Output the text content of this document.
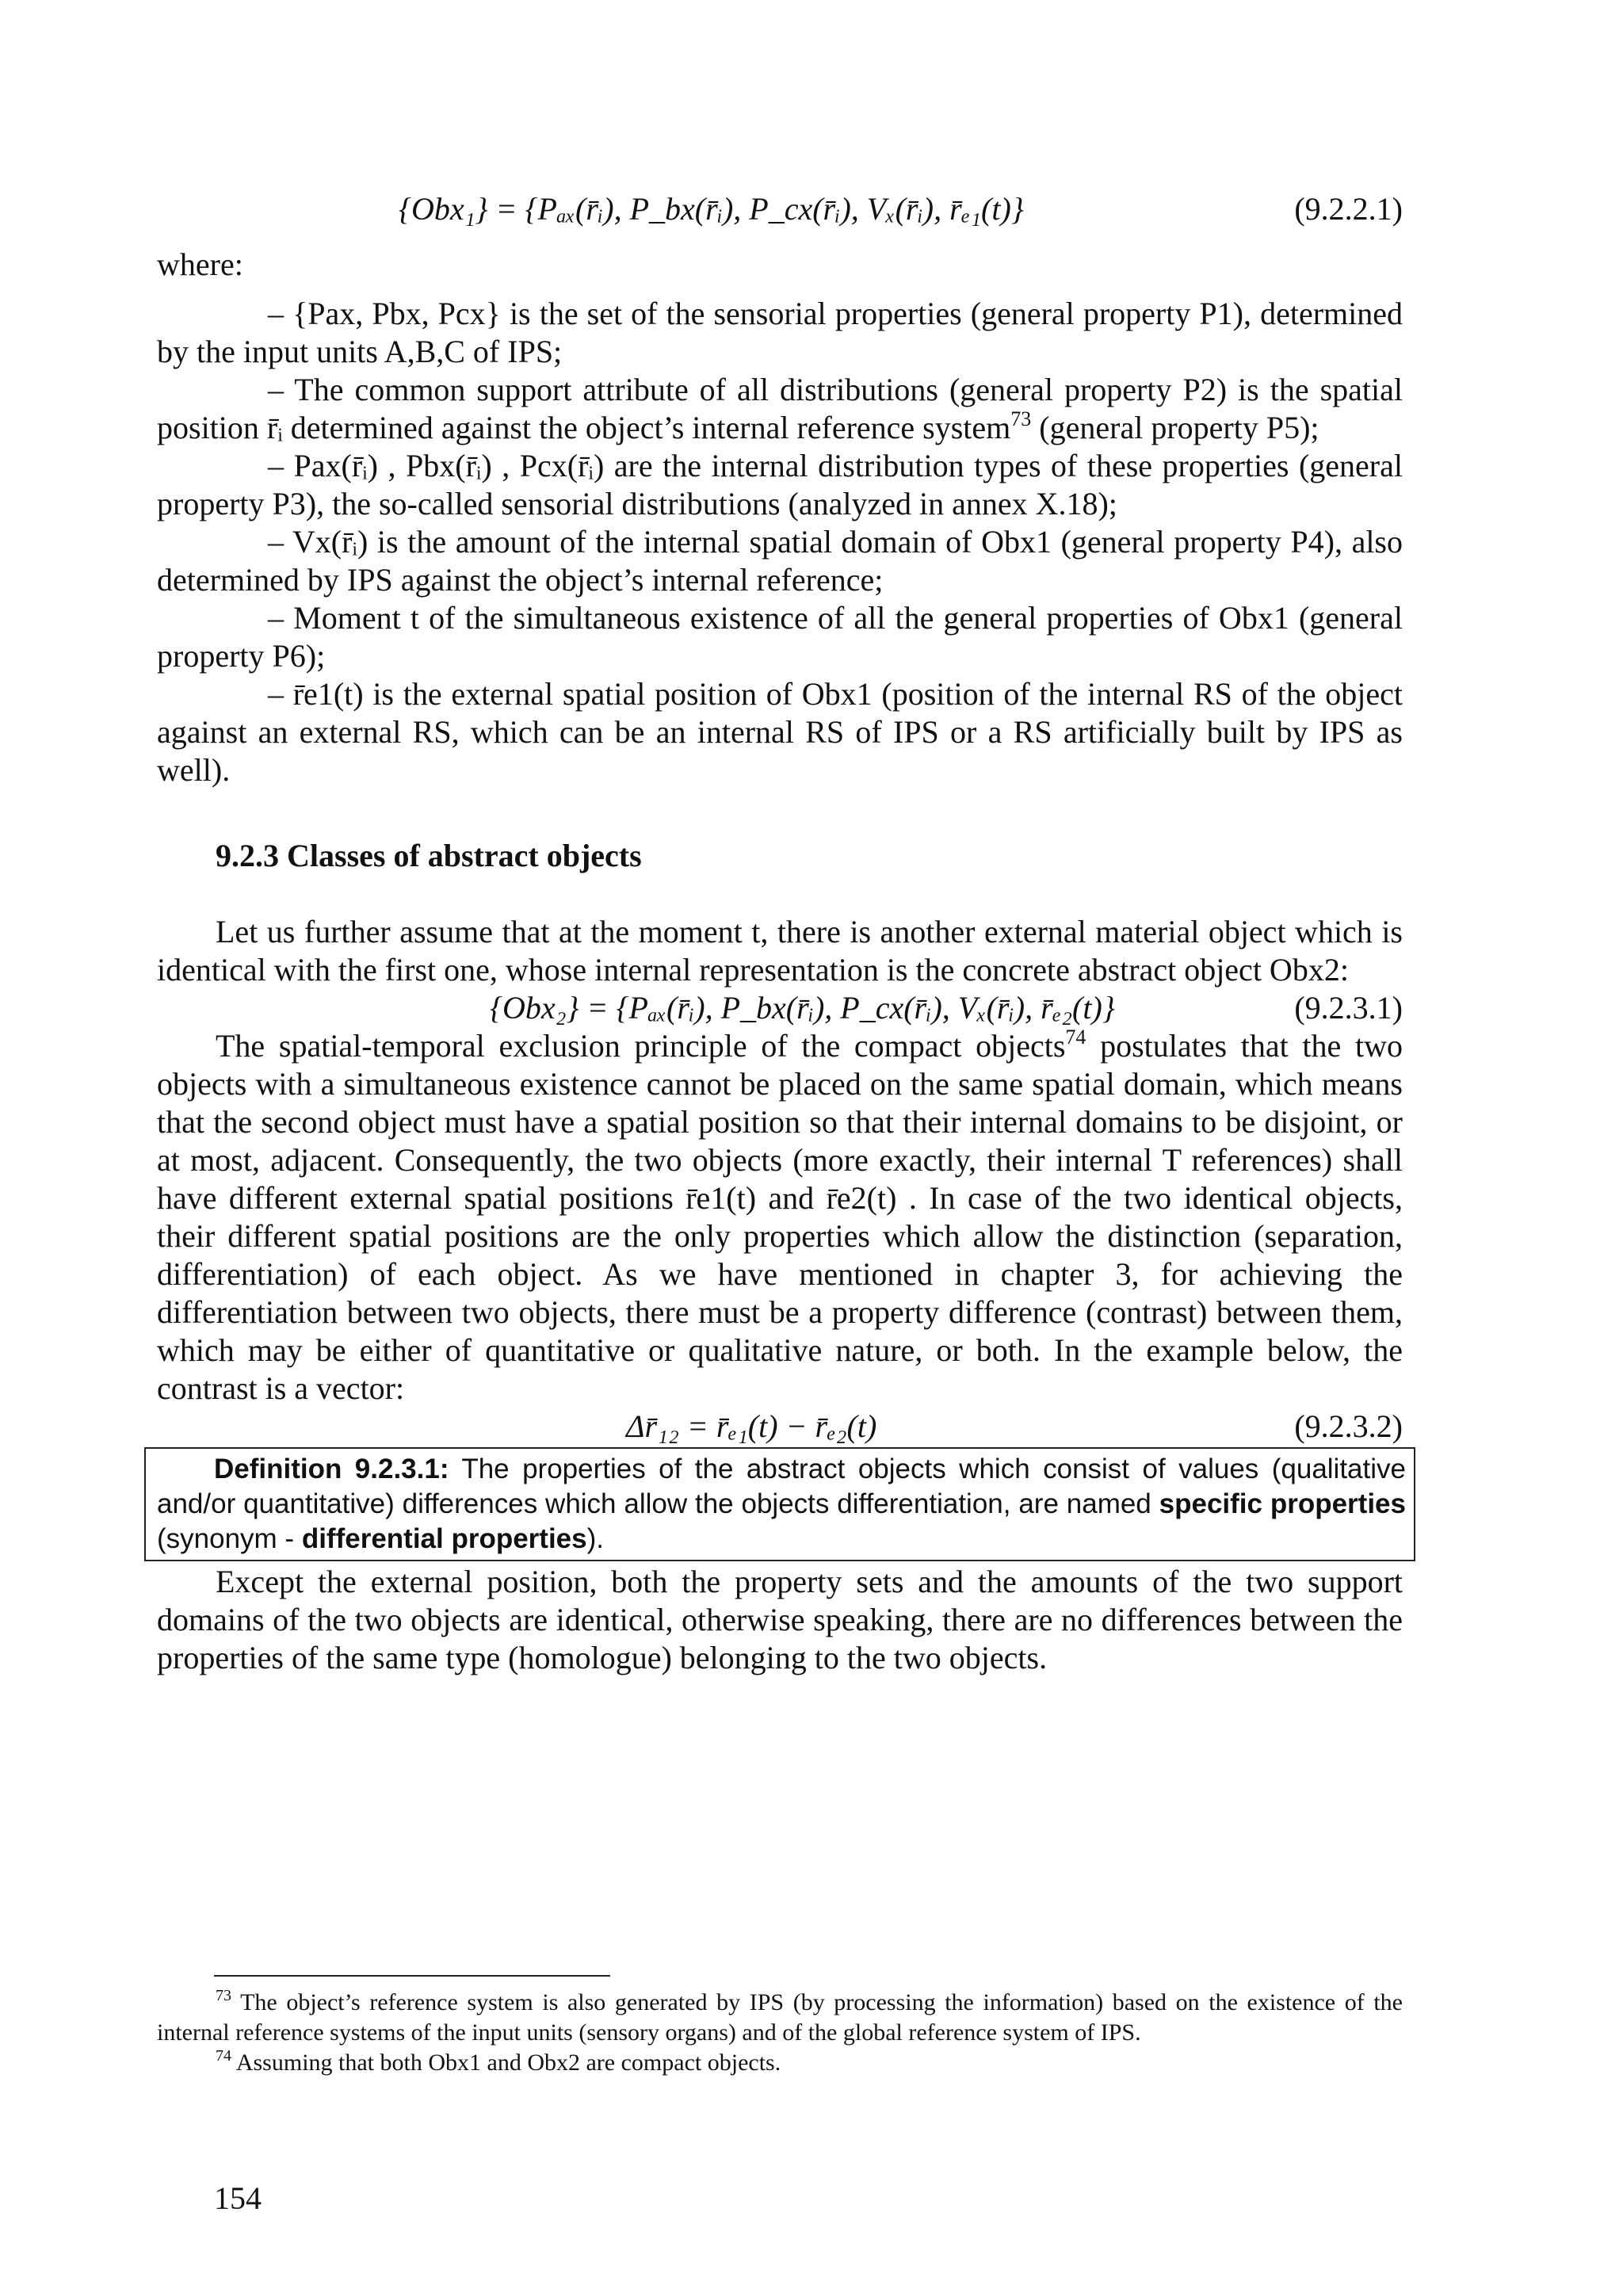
{Obx₁} = {Pₐₓ(r̄ᵢ), P_bx(r̄ᵢ), P_cx(r̄ᵢ), Vₓ(r̄ᵢ), r̄ₑ₁(t)}	(9.2.2.1)

where:

– {Pax, Pbx, Pcx} is the set of the sensorial properties (general property P1), determined by the input units A,B,C of IPS;

– The common support attribute of all distributions (general property P2) is the spatial position r̄ᵢ determined against the object’s internal reference system$^{73}$ (general property P5);

– Pax(r̄ᵢ) , Pbx(r̄ᵢ) , Pcx(r̄ᵢ) are the internal distribution types of these properties (general property P3), the so-called sensorial distributions (analyzed in annex X.18);

– Vx(r̄ᵢ) is the amount of the internal spatial domain of Obx1 (general property P4), also determined by IPS against the object’s internal reference;

– Moment t of the simultaneous existence of all the general properties of Obx1 (general property P6);

– r̄e1(t) is the external spatial position of Obx1 (position of the internal RS of the object against an external RS, which can be an internal RS of IPS or a RS artificially built by IPS as well).

9.2.3 Classes of abstract objects

Let us further assume that at the moment t, there is another external material object which is identical with the first one, whose internal representation is the concrete abstract object Obx2:

{Obx₂} = {Pₐₓ(r̄ᵢ), P_bx(r̄ᵢ), P_cx(r̄ᵢ), Vₓ(r̄ᵢ), r̄ₑ₂(t)}	(9.2.3.1)

The spatial-temporal exclusion principle of the compact objects$^{74}$ postulates that the two objects with a simultaneous existence cannot be placed on the same spatial domain, which means that the second object must have a spatial position so that their internal domains to be disjoint, or at most, adjacent. Consequently, the two objects (more exactly, their internal T references) shall have different external spatial positions r̄e1(t) and r̄e2(t) . In case of the two identical objects, their different spatial positions are the only properties which allow the distinction (separation, differentiation) of each object. As we have mentioned in chapter 3, for achieving the differentiation between two objects, there must be a property difference (contrast) between them, which may be either of quantitative or qualitative nature, or both. In the example below, the contrast is a vector:

Δr̄₁₂ = r̄ₑ₁(t) − r̄ₑ₂(t)	(9.2.3.2)

Definition 9.2.3.1: The properties of the abstract objects which consist of values (qualitative and/or quantitative) differences which allow the objects differentiation, are named specific properties (synonym - differential properties).

Except the external position, both the property sets and the amounts of the two support domains of the two objects are identical, otherwise speaking, there are no differences between the properties of the same type (homologue) belonging to the two objects.

$^{73}$ The object’s reference system is also generated by IPS (by processing the information) based on the existence of the internal reference systems of the input units (sensory organs) and of the global reference system of IPS.

$^{74}$ Assuming that both Obx1 and Obx2 are compact objects.

154
